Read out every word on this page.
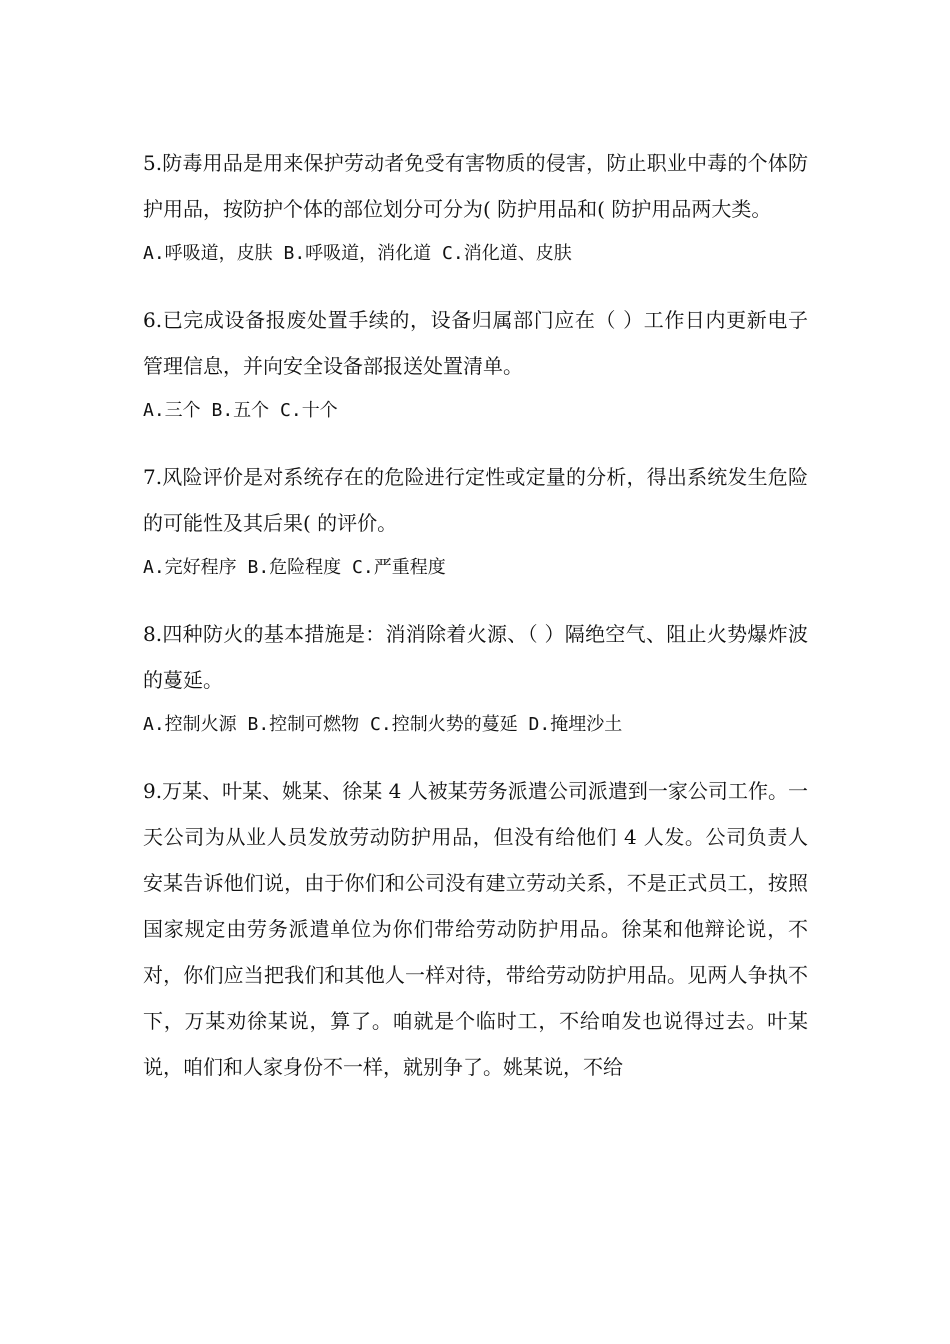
5.防毒用品是用来保护劳动者免受有害物质的侵害，防止职业中毒的个体防护用品，按防护个体的部位划分可分为( 防护用品和( 防护用品两大类。

A.呼吸道，皮肤 B.呼吸道，消化道 C.消化道、皮肤

6.已完成设备报废处置手续的，设备归属部门应在（ ）工作日内更新电子管理信息，并向安全设备部报送处置清单。

A.三个 B.五个 C.十个

7.风险评价是对系统存在的危险进行定性或定量的分析，得出系统发生危险的可能性及其后果( 的评价。

A.完好程序 B.危险程度 C.严重程度

8.四种防火的基本措施是：消消除着火源、（ ）隔绝空气、阻止火势爆炸波的蔓延。

A.控制火源 B.控制可燃物 C.控制火势的蔓延 D.掩埋沙土

9.万某、叶某、姚某、徐某 4 人被某劳务派遣公司派遣到一家公司工作。一天公司为从业人员发放劳动防护用品，但没有给他们 4 人发。公司负责人安某告诉他们说，由于你们和公司没有建立劳动关系，不是正式员工，按照国家规定由劳务派遣单位为你们带给劳动防护用品。徐某和他辩论说，不对，你们应当把我们和其他人一样对待，带给劳动防护用品。见两人争执不下，万某劝徐某说，算了。咱就是个临时工，不给咱发也说得过去。叶某说，咱们和人家身份不一样，就别争了。姚某说，不给
